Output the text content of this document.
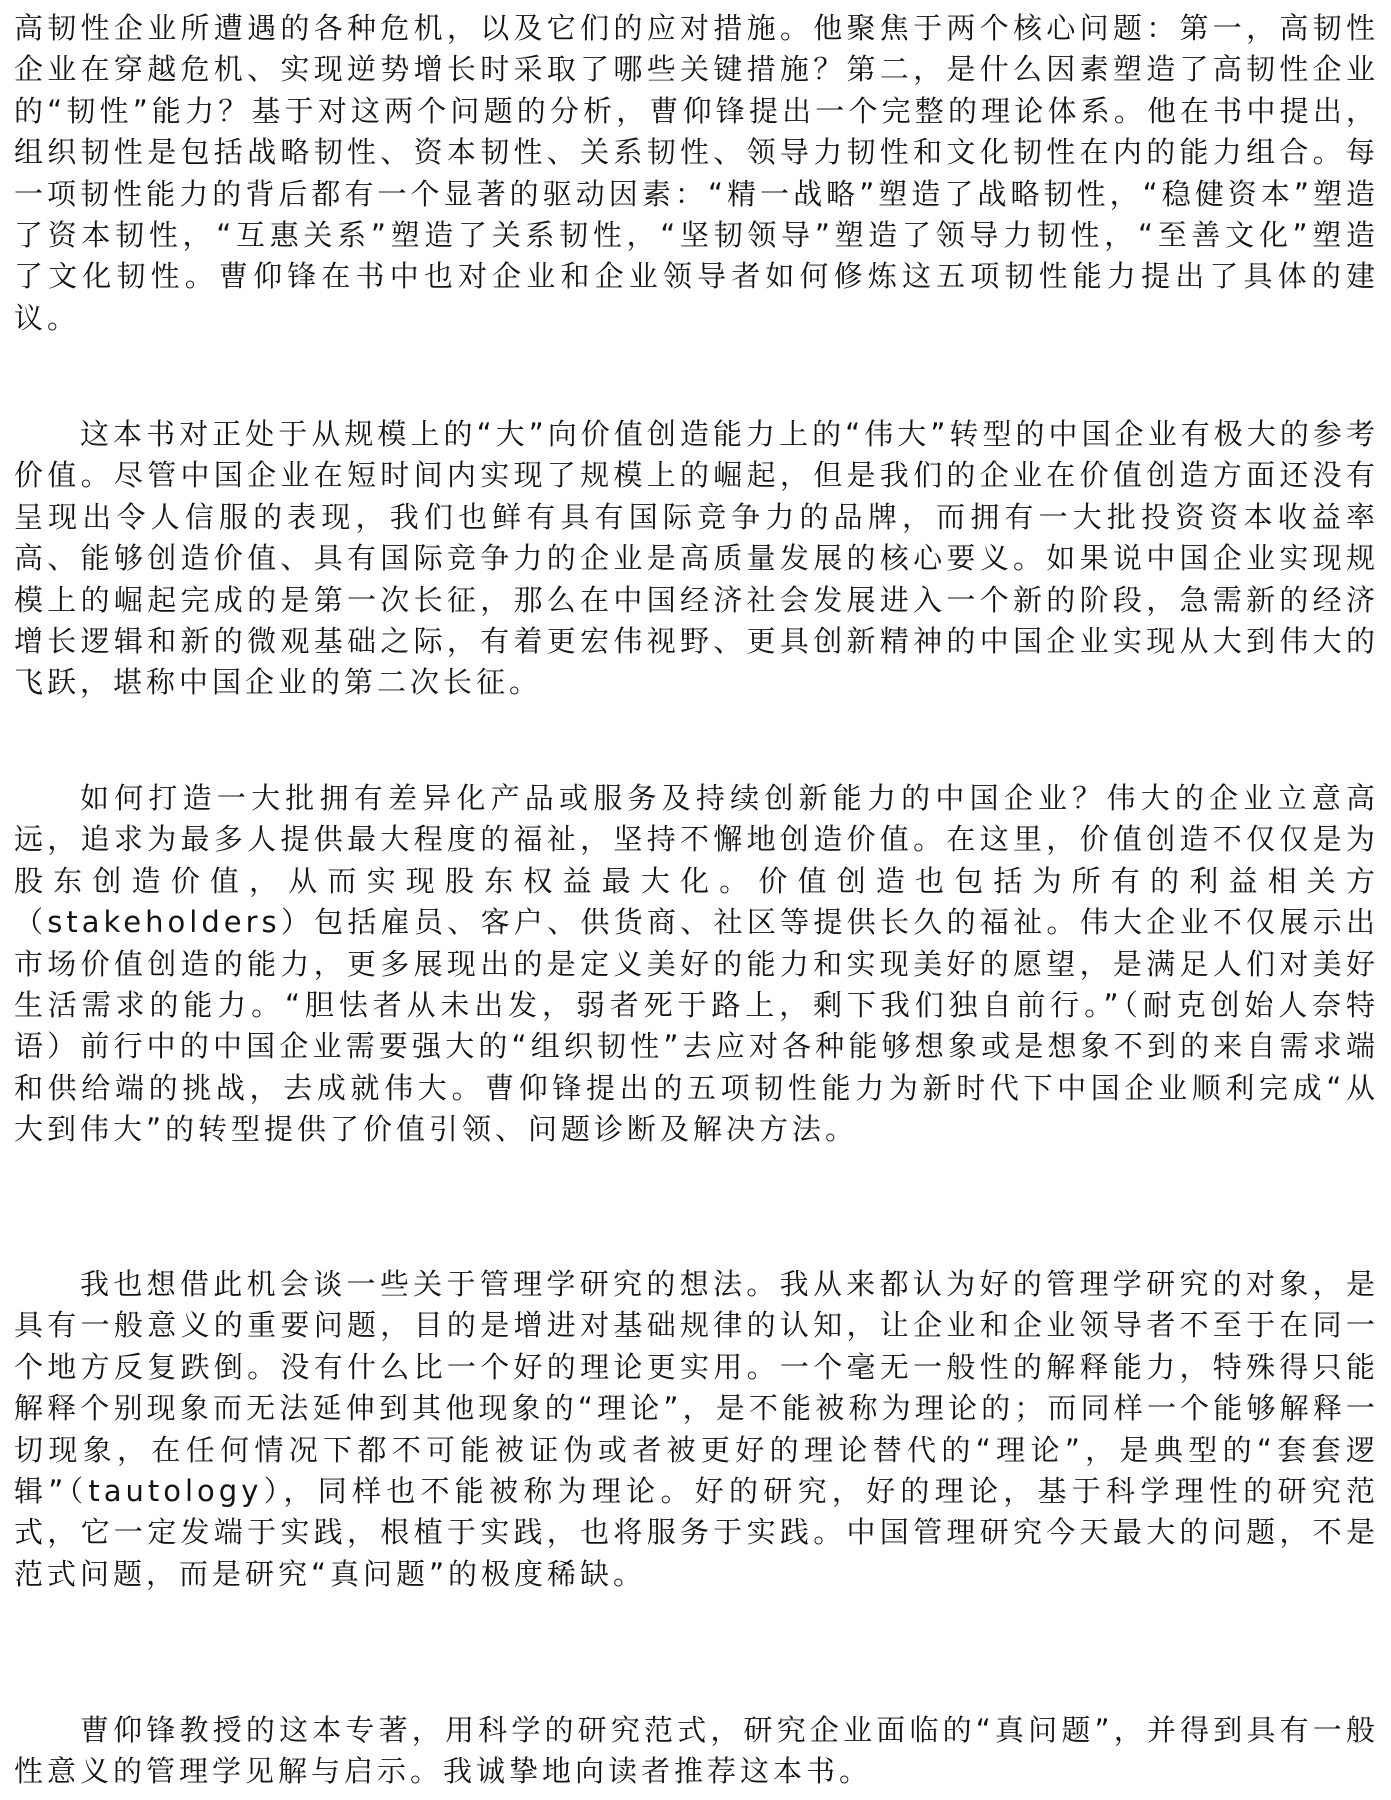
高韧性企业所遭遇的各种危机，以及它们的应对措施。他聚焦于两个核心问题：第一，高韧性企业在穿越危机、实现逆势增长时采取了哪些关键措施？第二，是什么因素塑造了高韧性企业的“韧性”能力？基于对这两个问题的分析，曹仰锋提出一个完整的理论体系。他在书中提出，组织韧性是包括战略韧性、资本韧性、关系韧性、领导力韧性和文化韧性在内的能力组合。每一项韧性能力的背后都有一个显著的驱动因素：“精一战略”塑造了战略韧性，“稳健资本”塑造了资本韧性，“互惠关系”塑造了关系韧性，“坚韧领导”塑造了领导力韧性，“至善文化”塑造了文化韧性。曹仰锋在书中也对企业和企业领导者如何修炼这五项韧性能力提出了具体的建议。

这本书对正处于从规模上的“大”向价值创造能力上的“伟大”转型的中国企业有极大的参考价值。尽管中国企业在短时间内实现了规模上的崛起，但是我们的企业在价值创造方面还没有呈现出令人信服的表现，我们也鲜有具有国际竞争力的品牌，而拥有一大批投资资本收益率高、能够创造价值、具有国际竞争力的企业是高质量发展的核心要义。如果说中国企业实现规模上的崛起完成的是第一次长征，那么在中国经济社会发展进入一个新的阶段，急需新的经济增长逻辑和新的微观基础之际，有着更宏伟视野、更具创新精神的中国企业实现从大到伟大的飞跃，堪称中国企业的第二次长征。

如何打造一大批拥有差异化产品或服务及持续创新能力的中国企业？伟大的企业立意高远，追求为最多人提供最大程度的福祉，坚持不懈地创造价值。在这里，价值创造不仅仅是为股东创造价值，从而实现股东权益最大化。价值创造也包括为所有的利益相关方（stakeholders）包括雇员、客户、供货商、社区等提供长久的福祉。伟大企业不仅展示出市场价值创造的能力，更多展现出的是定义美好的能力和实现美好的愿望，是满足人们对美好生活需求的能力。“胆怯者从未出发，弱者死于路上，剩下我们独自前行。”（耐克创始人奈特语）前行中的中国企业需要强大的“组织韧性”去应对各种能够想象或是想象不到的来自需求端和供给端的挑战，去成就伟大。曹仰锋提出的五项韧性能力为新时代下中国企业顺利完成“从大到伟大”的转型提供了价值引领、问题诊断及解决方法。

我也想借此机会谈一些关于管理学研究的想法。我从来都认为好的管理学研究的对象，是具有一般意义的重要问题，目的是增进对基础规律的认知，让企业和企业领导者不至于在同一个地方反复跌倒。没有什么比一个好的理论更实用。一个毫无一般性的解释能力，特殊得只能解释个别现象而无法延伸到其他现象的“理论”，是不能被称为理论的；而同样一个能够解释一切现象，在任何情况下都不可能被证伪或者被更好的理论替代的“理论”，是典型的“套套逻辑”（tautology），同样也不能被称为理论。好的研究，好的理论，基于科学理性的研究范式，它一定发端于实践，根植于实践，也将服务于实践。中国管理研究今天最大的问题，不是范式问题，而是研究“真问题”的极度稀缺。

曹仰锋教授的这本专著，用科学的研究范式，研究企业面临的“真问题”，并得到具有一般性意义的管理学见解与启示。我诚挚地向读者推荐这本书。
